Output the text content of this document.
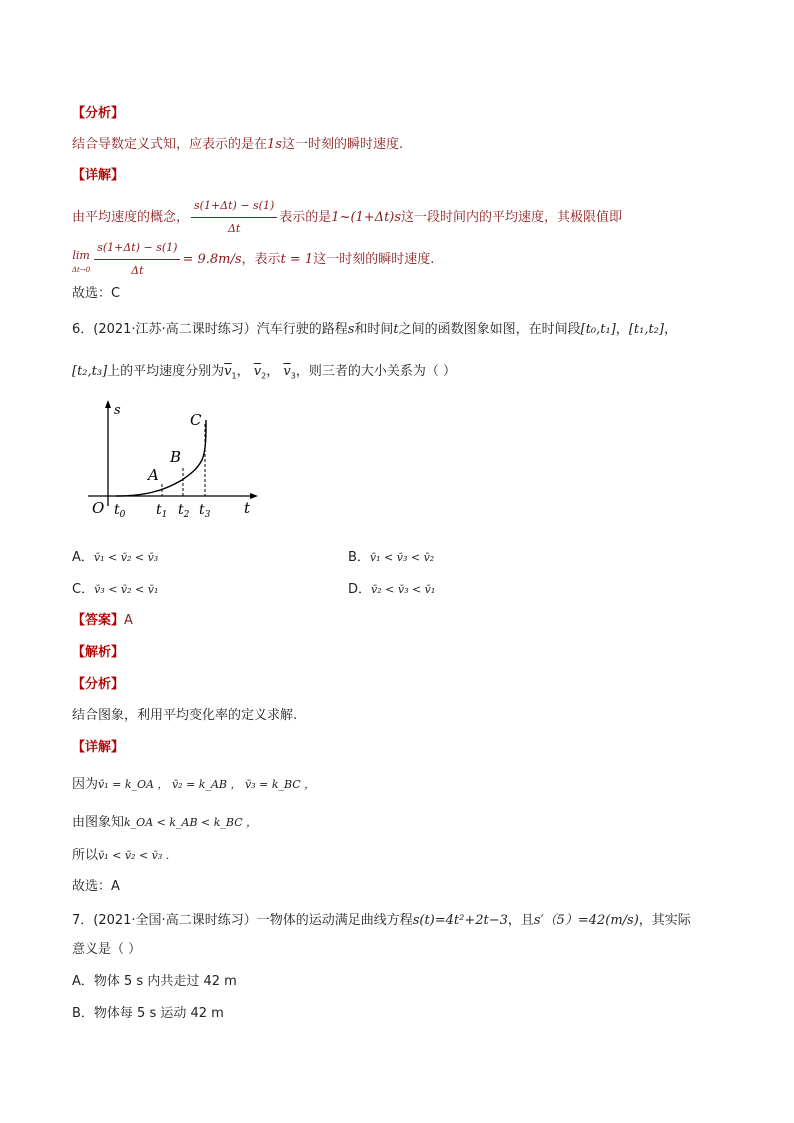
【分析】
结合导数定义式知，应表示的是在1s这一时刻的瞬时速度.
【详解】
由平均速度的概念， $\frac{s(1+\Delta t) - s(1)}{\Delta t}$ 表示的是1~(1+Δt)s这一段时间内的平均速度，其极限值即
lim
$\Delta t\to 0 \frac{s(1+\Delta t) - s(1)}{\Delta t} = 9.8m/s$，表示t = 1这一时刻的瞬时速度.
故选：C
6．(2021·江苏·高二课时练习）汽车行驶的路程s和时间t之间的函数图象如图，在时间段[t₀,t₁]，[t₁,t₂]，
[t₂,t₃]上的平均速度分别为$\overline{v}_1$， $\overline{v}_2$， $\overline{v}_3$，则三者的大小关系为（ ）
s
t
O
A
B
C
$t_0$ $t_1$ $t_2$ $t_3$
A．v̄₁ < v̄₂ < v̄₃	B．v̄₁ < v̄₃ < v̄₂
C．v̄₃ < v̄₂ < v̄₁	D．v̄₂ < v̄₃ < v̄₁
【答案】A
【解析】
【分析】
结合图象，利用平均变化率的定义求解.
【详解】
因为v̄₁ = k_OA ， v̄₂ = k_AB ， v̄₃ = k_BC ，
由图象知k_OA < k_AB < k_BC ，
所以v̄₁ < v̄₂ < v̄₃ .
故选：A
7．(2021·全国·高二课时练习）一物体的运动满足曲线方程s(t)=4t²+2t−3，且s′（5）=42(m/s)，其实际
意义是（ ）
A．物体 5 s 内共走过 42 m
B．物体每 5 s 运动 42 m
